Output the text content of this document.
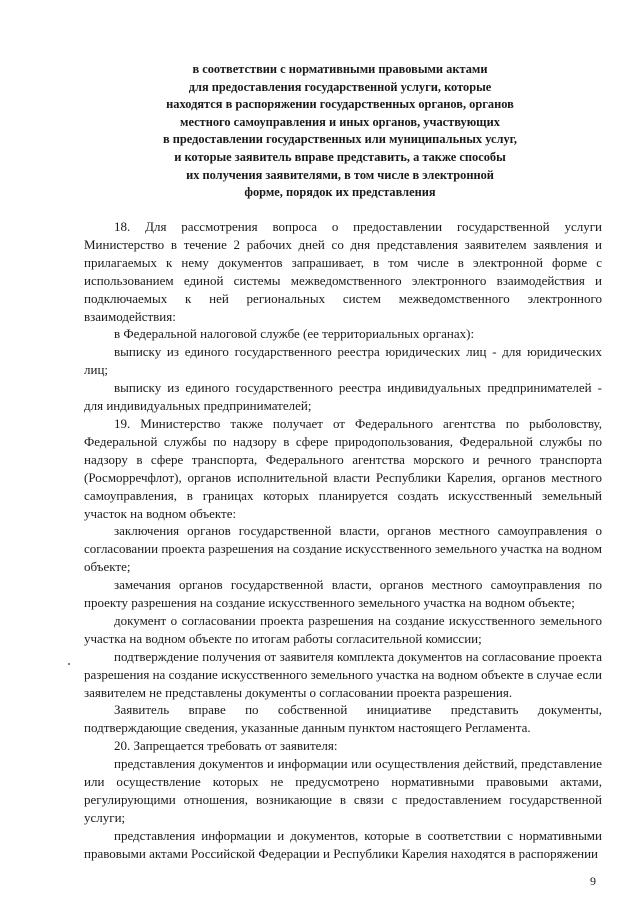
в соответствии с нормативными правовыми актами
для предоставления государственной услуги, которые
находятся в распоряжении государственных органов, органов
местного самоуправления и иных органов, участвующих
в предоставлении государственных или муниципальных услуг,
и которые заявитель вправе представить, а также способы
их получения заявителями, в том числе в электронной
форме, порядок их представления

18. Для рассмотрения вопроса о предоставлении государственной услуги Министерство в течение 2 рабочих дней со дня представления заявителем заявления и прилагаемых к нему документов запрашивает, в том числе в электронной форме с использованием единой системы межведомственного электронного взаимодействия и подключаемых к ней региональных систем межведомственного электронного взаимодействия:

в Федеральной налоговой службе (ее территориальных органах):

выписку из единого государственного реестра юридических лиц - для юридических лиц;

выписку из единого государственного реестра индивидуальных предпринимателей - для индивидуальных предпринимателей;

19. Министерство также получает от Федерального агентства по рыболовству, Федеральной службы по надзору в сфере природопользования, Федеральной службы по надзору в сфере транспорта, Федерального агентства морского и речного транспорта (Росморречфлот), органов исполнительной власти Республики Карелия, органов местного самоуправления, в границах которых планируется создать искусственный земельный участок на водном объекте:

заключения органов государственной власти, органов местного самоуправления о согласовании проекта разрешения на создание искусственного земельного участка на водном объекте;

замечания органов государственной власти, органов местного самоуправления по проекту разрешения на создание искусственного земельного участка на водном объекте;

документ о согласовании проекта разрешения на создание искусственного земельного участка на водном объекте по итогам работы согласительной комиссии;

подтверждение получения от заявителя комплекта документов на согласование проекта разрешения на создание искусственного земельного участка на водном объекте в случае если заявителем не представлены документы о согласовании проекта разрешения.

Заявитель вправе по собственной инициативе представить документы, подтверждающие сведения, указанные данным пунктом настоящего Регламента.

20. Запрещается требовать от заявителя:

представления документов и информации или осуществления действий, представление или осуществление которых не предусмотрено нормативными правовыми актами, регулирующими отношения, возникающие в связи с предоставлением государственной услуги;

представления информации и документов, которые в соответствии с нормативными правовыми актами Российской Федерации и Республики Карелия находятся в распоряжении

9
